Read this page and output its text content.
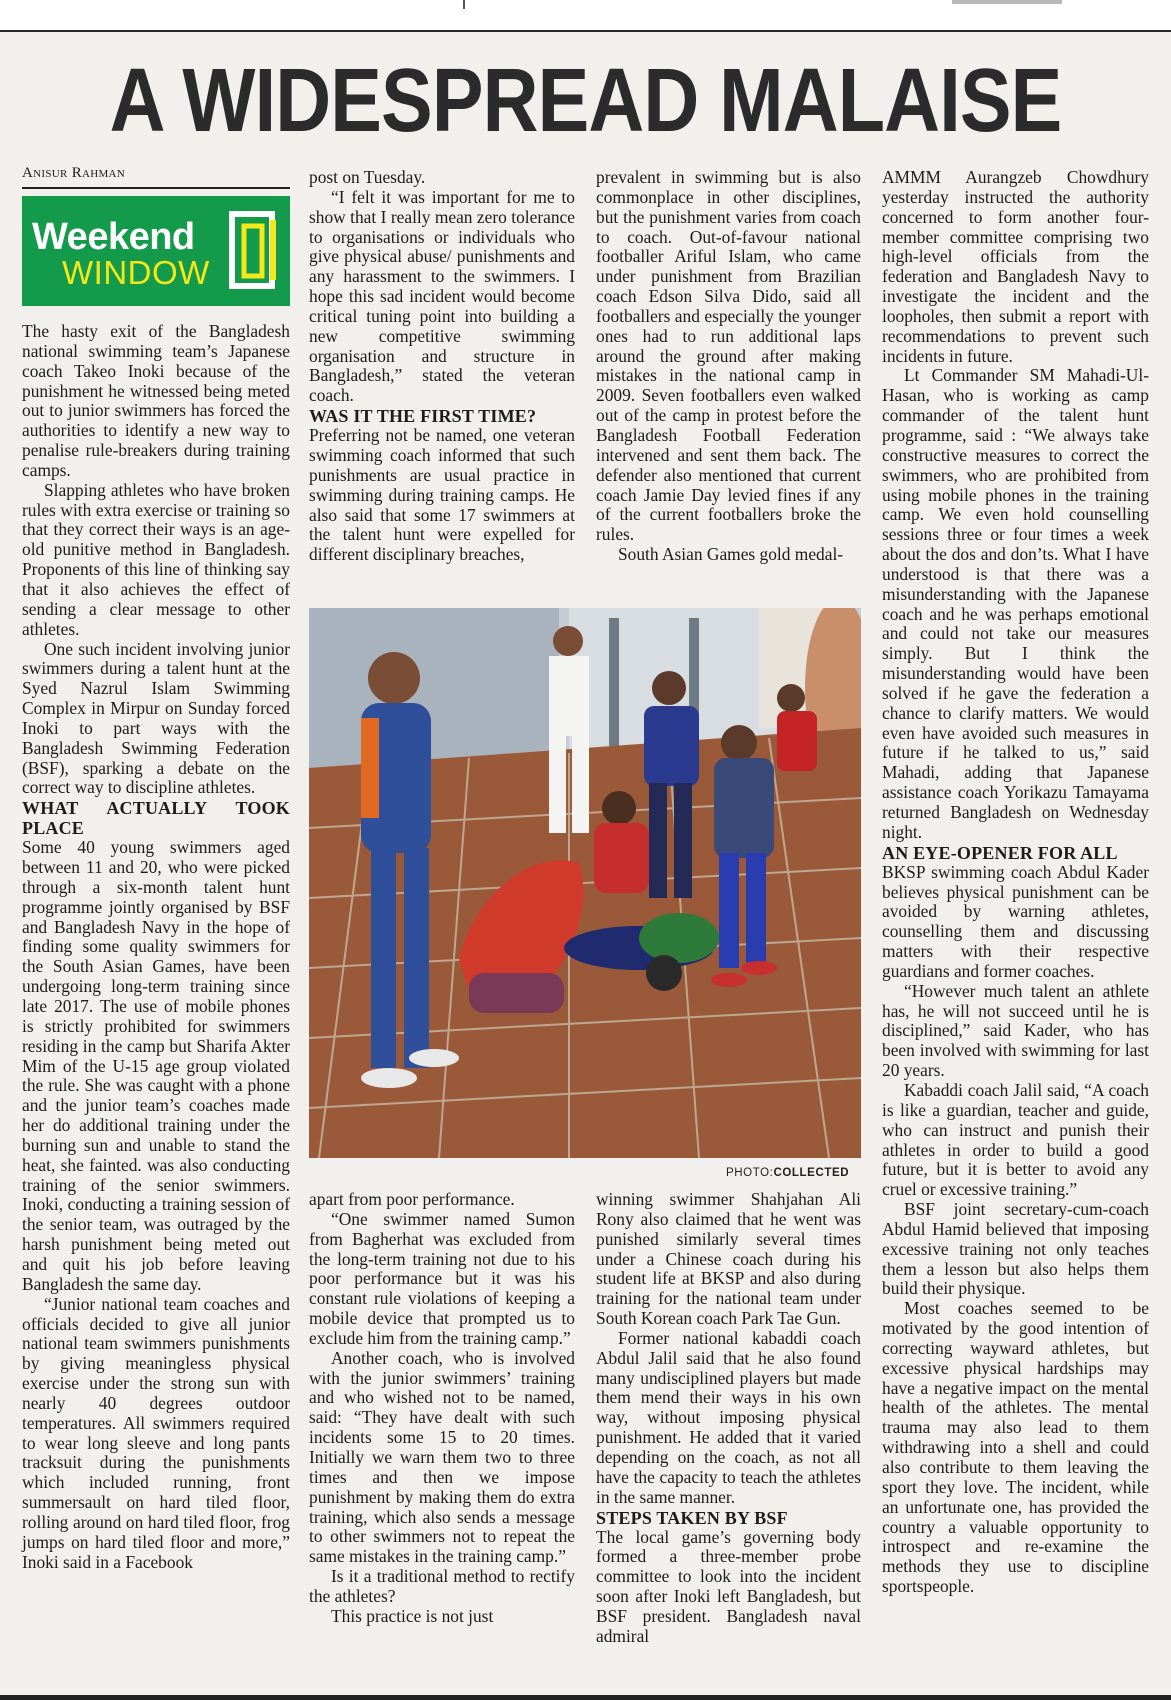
A WIDESPREAD MALAISE
Anisur Rahman
Weekend
WINDOW

The hasty exit of the Bangladesh national swimming team’s Japanese coach Takeo Inoki because of the punishment he witnessed being meted out to junior swimmers has forced the authorities to identify a new way to penalise rule-breakers during training camps.

Slapping athletes who have broken rules with extra exercise or training so that they correct their ways is an age-old punitive method in Bangladesh. Proponents of this line of thinking say that it also achieves the effect of sending a clear message to other athletes.

One such incident involving junior swimmers during a talent hunt at the Syed Nazrul Islam Swimming Complex in Mirpur on Sunday forced Inoki to part ways with the Bangladesh Swimming Federation (BSF), sparking a debate on the correct way to discipline athletes.

WHAT ACTUALLY TOOK PLACE

Some 40 young swimmers aged between 11 and 20, who were picked through a six-month talent hunt programme jointly organised by BSF and Bangladesh Navy in the hope of finding some quality swimmers for the South Asian Games, have been undergoing long-term training since late 2017. The use of mobile phones is strictly prohibited for swimmers residing in the camp but Sharifa Akter Mim of the U-15 age group violated the rule. She was caught with a phone and the junior team’s coaches made her do additional training under the burning sun and unable to stand the heat, she fainted. was also conducting training of the senior swimmers. Inoki, conducting a training session of the senior team, was outraged by the harsh punishment being meted out and quit his job before leaving Bangladesh the same day.

“Junior national team coaches and officials decided to give all junior national team swimmers punishments by giving meaningless physical exercise under the strong sun with nearly 40 degrees outdoor temperatures. All swimmers required to wear long sleeve and long pants tracksuit during the punishments which included running, front summersault on hard tiled floor, rolling around on hard tiled floor, frog jumps on hard tiled floor and more,” Inoki said in a Facebook

post on Tuesday.

“I felt it was important for me to show that I really mean zero tolerance to organisations or individuals who give physical abuse/ punishments and any harassment to the swimmers. I hope this sad incident would become critical tuning point into building a new competitive swimming organisation and structure in Bangladesh,” stated the veteran coach.

WAS IT THE FIRST TIME?

Preferring not be named, one veteran swimming coach informed that such punishments are usual practice in swimming during training camps. He also said that some 17 swimmers at the talent hunt were expelled for different disciplinary breaches,

prevalent in swimming but is also commonplace in other disciplines, but the punishment varies from coach to coach. Out-of-favour national footballer Ariful Islam, who came under punishment from Brazilian coach Edson Silva Dido, said all footballers and especially the younger ones had to run additional laps around the ground after making mistakes in the national camp in 2009. Seven footballers even walked out of the camp in protest before the Bangladesh Football Federation intervened and sent them back. The defender also mentioned that current coach Jamie Day levied fines if any of the current footballers broke the rules.

South Asian Games gold medal-

PHOTO:COLLECTED

apart from poor performance.

“One swimmer named Sumon from Bagherhat was excluded from the long-term training not due to his poor performance but it was his constant rule violations of keeping a mobile device that prompted us to exclude him from the training camp.”

Another coach, who is involved with the junior swimmers’ training and who wished not to be named, said: “They have dealt with such incidents some 15 to 20 times. Initially we warn them two to three times and then we impose punishment by making them do extra training, which also sends a message to other swimmers not to repeat the same mistakes in the training camp.”

Is it a traditional method to rectify the athletes?

This practice is not just

winning swimmer Shahjahan Ali Rony also claimed that he went was punished similarly several times under a Chinese coach during his student life at BKSP and also during training for the national team under South Korean coach Park Tae Gun.

Former national kabaddi coach Abdul Jalil said that he also found many undisciplined players but made them mend their ways in his own way, without imposing physical punishment. He added that it varied depending on the coach, as not all have the capacity to teach the athletes in the same manner.

STEPS TAKEN BY BSF

The local game’s governing body formed a three-member probe committee to look into the incident soon after Inoki left Bangladesh, but BSF president. Bangladesh naval admiral

AMMM Aurangzeb Chowdhury yesterday instructed the authority concerned to form another four-member committee comprising two high-level officials from the federation and Bangladesh Navy to investigate the incident and the loopholes, then submit a report with recommendations to prevent such incidents in future.

Lt Commander SM Mahadi-Ul-Hasan, who is working as camp commander of the talent hunt programme, said : “We always take constructive measures to correct the swimmers, who are prohibited from using mobile phones in the training camp. We even hold counselling sessions three or four times a week about the dos and don’ts. What I have understood is that there was a misunderstanding with the Japanese coach and he was perhaps emotional and could not take our measures simply. But I think the misunderstanding would have been solved if he gave the federation a chance to clarify matters. We would even have avoided such measures in future if he talked to us,” said Mahadi, adding that Japanese assistance coach Yorikazu Tamayama returned Bangladesh on Wednesday night.

AN EYE-OPENER FOR ALL

BKSP swimming coach Abdul Kader believes physical punishment can be avoided by warning athletes, counselling them and discussing matters with their respective guardians and former coaches.

“However much talent an athlete has, he will not succeed until he is disciplined,” said Kader, who has been involved with swimming for last 20 years.

Kabaddi coach Jalil said, “A coach is like a guardian, teacher and guide, who can instruct and punish their athletes in order to build a good future, but it is better to avoid any cruel or excessive training.”

BSF joint secretary-cum-coach Abdul Hamid believed that imposing excessive training not only teaches them a lesson but also helps them build their physique.

Most coaches seemed to be motivated by the good intention of correcting wayward athletes, but excessive physical hardships may have a negative impact on the mental health of the athletes. The mental trauma may also lead to them withdrawing into a shell and could also contribute to them leaving the sport they love. The incident, while an unfortunate one, has provided the country a valuable opportunity to introspect and re-examine the methods they use to discipline sportspeople.
